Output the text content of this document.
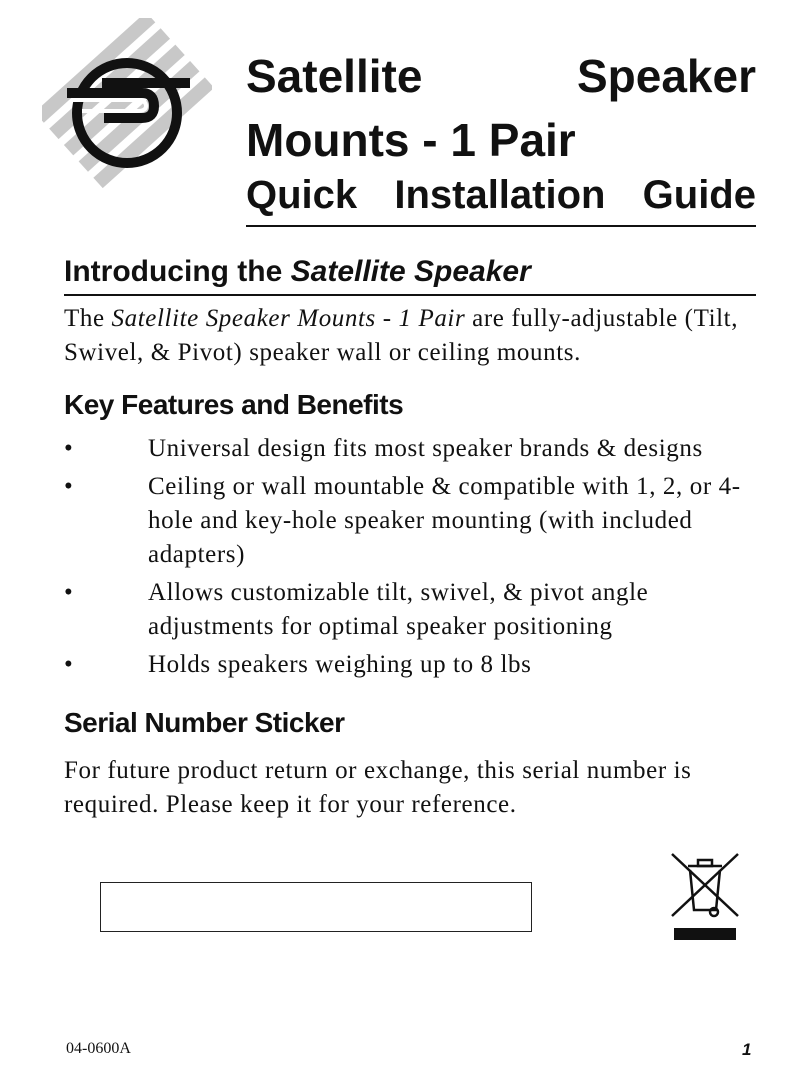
Satellite	Speaker
Mounts - 1 Pair
Quick Installation Guide
Introducing the Satellite Speaker
The Satellite Speaker Mounts - 1 Pair are fully-adjustable (Tilt, Swivel, & Pivot) speaker wall or ceiling mounts.
Key Features and Benefits
•	Universal design fits most speaker brands & designs
•	Ceiling or wall mountable & compatible with 1, 2, or 4-hole and key-hole speaker mounting (with included adapters)
•	Allows customizable tilt, swivel, & pivot angle adjustments for optimal speaker positioning
•	Holds speakers weighing up to 8 lbs
Serial Number Sticker
For future product return or exchange, this serial number is required. Please keep it for your reference.
04-0600A	1
